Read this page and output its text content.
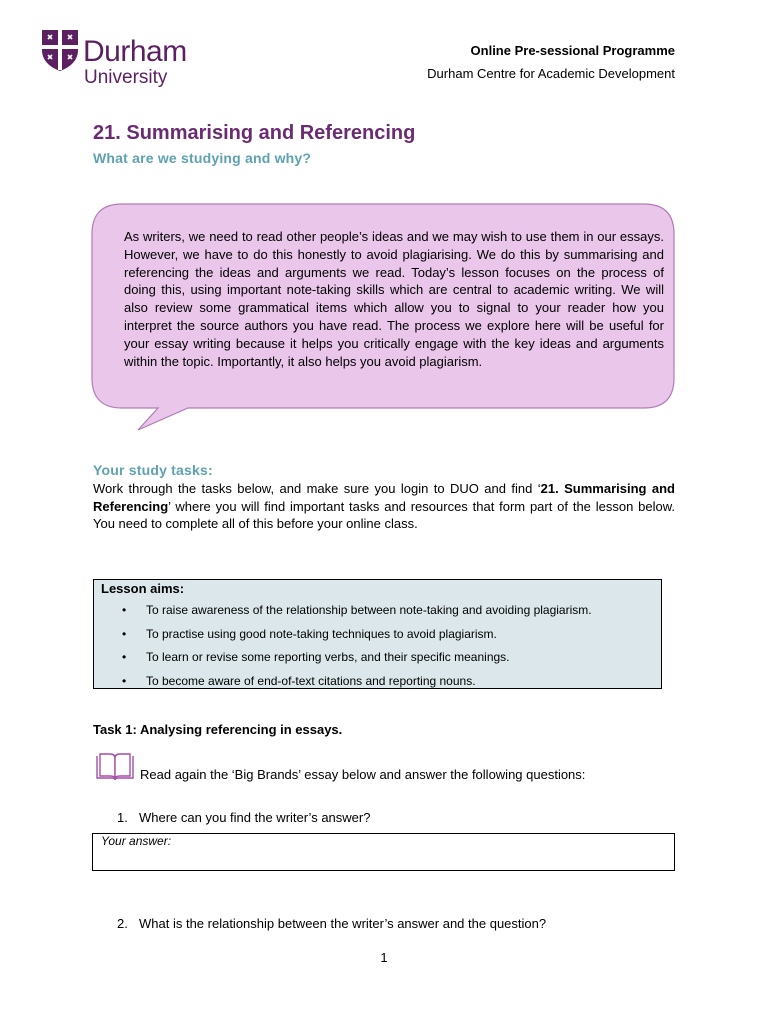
Durham
University
Online Pre-sessional Programme
Durham Centre for Academic Development
21. Summarising and Referencing
What are we studying and why?
As writers, we need to read other people’s ideas and we may wish to use them in our essays. However, we have to do this honestly to avoid plagiarising. We do this by summarising and referencing the ideas and arguments we read. Today’s lesson focuses on the process of doing this, using important note-taking skills which are central to academic writing. We will also review some grammatical items which allow you to signal to your reader how you interpret the source authors you have read. The process we explore here will be useful for your essay writing because it helps you critically engage with the key ideas and arguments within the topic. Importantly, it also helps you avoid plagiarism.
Your study tasks:
Work through the tasks below, and make sure you login to DUO and find ‘21. Summarising and Referencing’ where you will find important tasks and resources that form part of the lesson below. You need to complete all of this before your online class.
Lesson aims:
• To raise awareness of the relationship between note-taking and avoiding plagiarism.
• To practise using good note-taking techniques to avoid plagiarism.
• To learn or revise some reporting verbs, and their specific meanings.
• To become aware of end-of-text citations and reporting nouns.
Task 1: Analysing referencing in essays.
Read again the ‘Big Brands’ essay below and answer the following questions:
1. Where can you find the writer’s answer?
Your answer:
2. What is the relationship between the writer’s answer and the question?
1
